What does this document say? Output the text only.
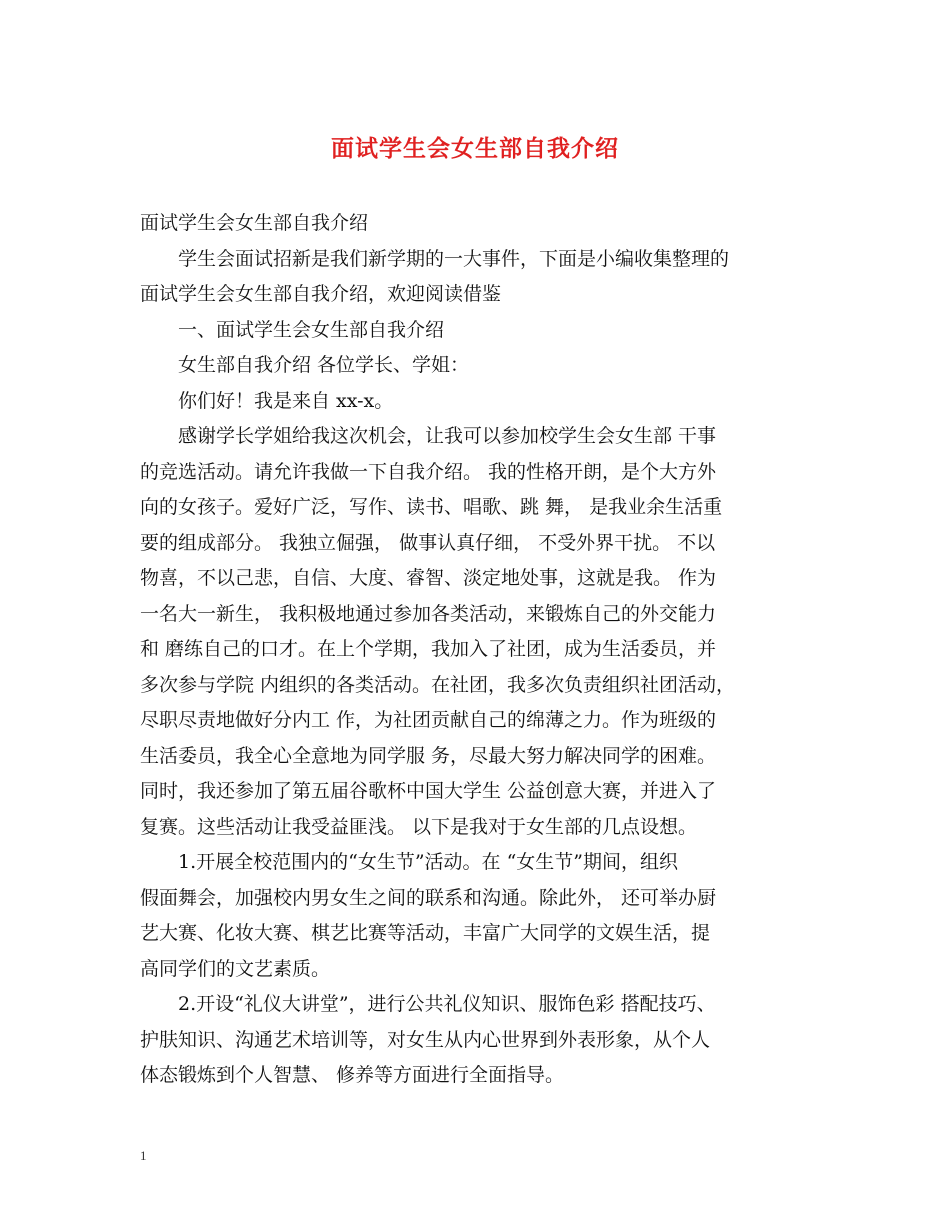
面试学生会女生部自我介绍

面试学生会女生部自我介绍

　　学生会面试招新是我们新学期的一大事件，下面是小编收集整理的

面试学生会女生部自我介绍，欢迎阅读借鉴

　　一、面试学生会女生部自我介绍

　　女生部自我介绍 各位学长、学姐：

　　你们好！我是来自 xx-x。

　　感谢学长学姐给我这次机会，让我可以参加校学生会女生部 干事

的竞选活动。请允许我做一下自我介绍。 我的性格开朗，是个大方外

向的女孩子。爱好广泛，写作、读书、唱歌、跳 舞， 是我业余生活重

要的组成部分。 我独立倔强， 做事认真仔细， 不受外界干扰。 不以

物喜，不以己悲，自信、大度、睿智、淡定地处事，这就是我。 作为

一名大一新生， 我积极地通过参加各类活动，来锻炼自己的外交能力

和 磨练自己的口才。在上个学期，我加入了社团，成为生活委员，并

多次参与学院 内组织的各类活动。在社团，我多次负责组织社团活动，

尽职尽责地做好分内工 作，为社团贡献自己的绵薄之力。作为班级的

生活委员，我全心全意地为同学服 务，尽最大努力解决同学的困难。

同时，我还参加了第五届谷歌杯中国大学生 公益创意大赛，并进入了

复赛。这些活动让我受益匪浅。 以下是我对于女生部的几点设想。

　　1.开展全校范围内的“女生节”活动。在 “女生节”期间，组织

假面舞会，加强校内男女生之间的联系和沟通。除此外， 还可举办厨

艺大赛、化妆大赛、棋艺比赛等活动，丰富广大同学的文娱生活，提

高同学们的文艺素质。

　　2.开设“礼仪大讲堂”，进行公共礼仪知识、服饰色彩 搭配技巧、

护肤知识、沟通艺术培训等，对女生从内心世界到外表形象，从个人

体态锻炼到个人智慧、 修养等方面进行全面指导。

1
